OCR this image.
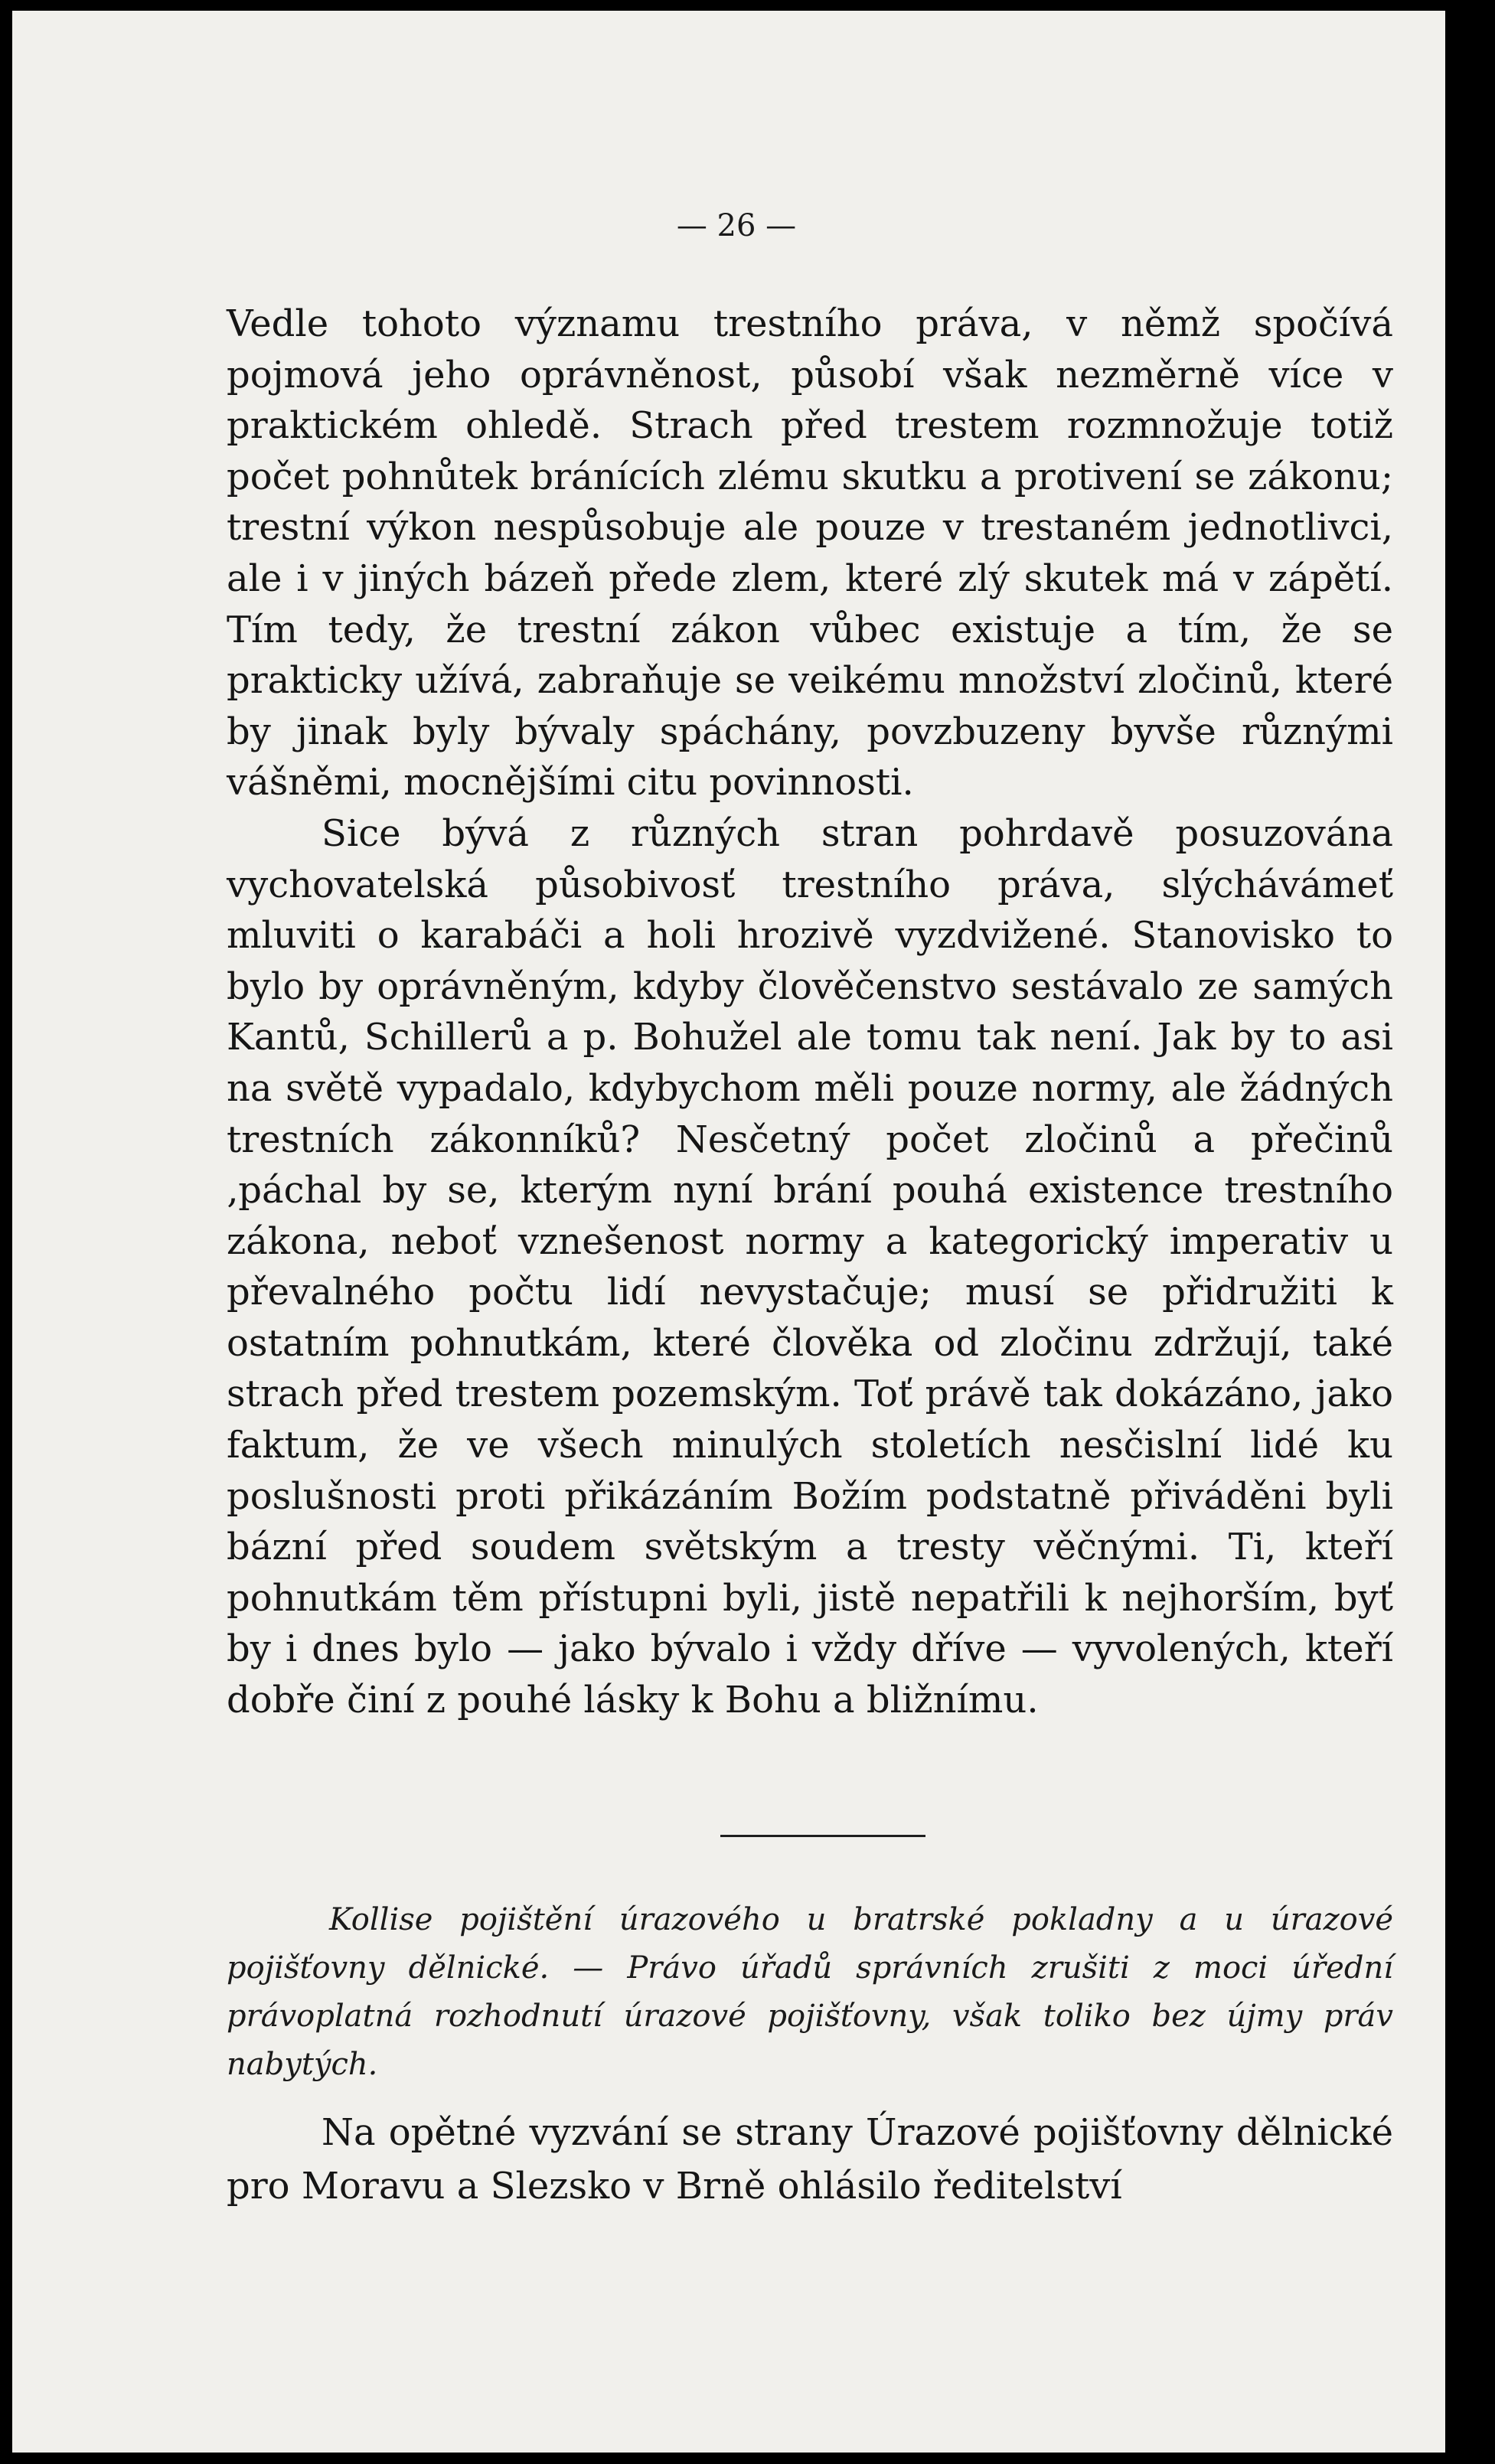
— 26 —

Vedle tohoto významu trestního práva, v němž spočívá pojmová jeho oprávněnost, působí však nezměrně více v praktickém ohledě. Strach před trestem rozmnožuje totiž počet pohnůtek bránících zlému skutku a protivení se zákonu; trestní výkon nespůsobuje ale pouze v trestaném jednotlivci, ale i v jiných bázeň přede zlem, které zlý skutek má v zápětí. Tím tedy, že trestní zákon vůbec existuje a tím, že se prakticky užívá, zabraňuje se veikému množství zločinů, které by jinak byly bývaly spáchány, povzbuzeny byvše různými vášněmi, mocnějšími citu povinnosti.

Sice bývá z různých stran pohrdavě posuzována vychovatelská působivosť trestního práva, slýchávámeť mluviti o karabáči a holi hrozivě vyzdvižené. Stanovisko to bylo by oprávněným, kdyby člověčenstvo sestávalo ze samých Kantů, Schillerů a p. Bohužel ale tomu tak není. Jak by to asi na světě vypadalo, kdybychom měli pouze normy, ale žádných trestních zákonníků? Nesčetný počet zločinů a přečinů ‚páchal by se, kterým nyní brání pouhá existence trestního zákona, neboť vznešenost normy a kategorický imperativ u převalného počtu lidí nevystačuje; musí se přidružiti k ostatním pohnutkám, které člověka od zločinu zdržují, také strach před trestem pozemským. Toť právě tak dokázáno, jako faktum, že ve všech minulých stoletích nesčislní lidé ku poslušnosti proti přikázáním Božím podstatně přiváděni byli bázní před soudem světským a tresty věčnými. Ti, kteří pohnutkám těm přístupni byli, jistě nepatřili k nejhorším, byť by i dnes bylo — jako bývalo i vždy dříve — vyvolených, kteří dobře činí z pouhé lásky k Bohu a bližnímu.

Kollise pojištění úrazového u bratrské pokladny a u úrazové pojišťovny dělnické. — Právo úřadů správních zrušiti z moci úřední právoplatná rozhodnutí úrazové pojišťovny, však toliko bez újmy práv nabytých.

Na opětné vyzvání se strany Úrazové pojišťovny dělnické pro Moravu a Slezsko v Brně ohlásilo ředitelství
